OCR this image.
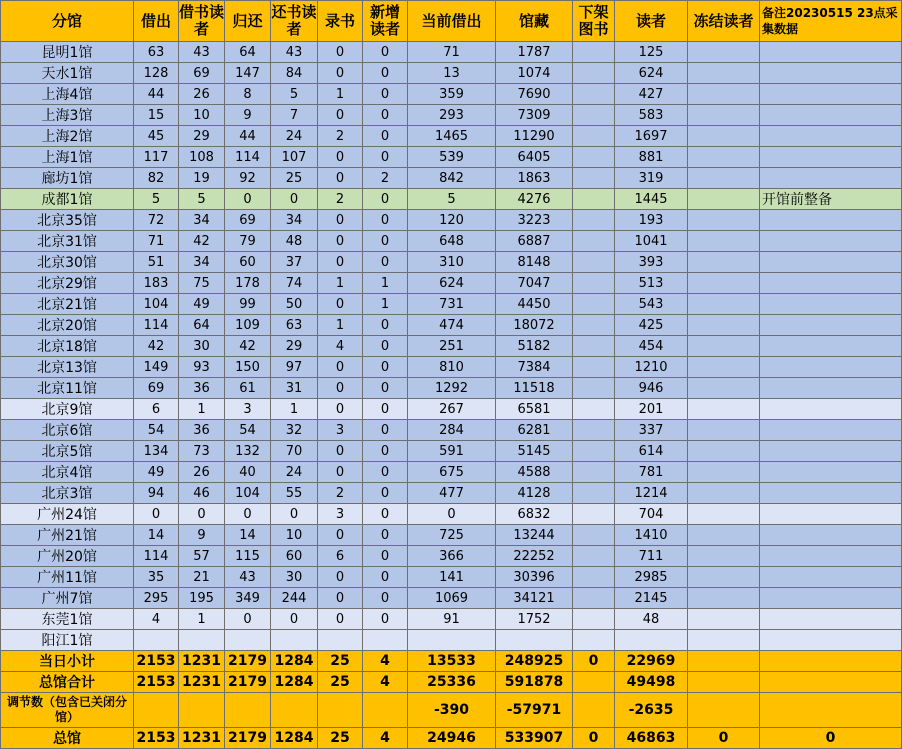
分馆	借出	借书读者	归还	还书读者	录书	新增读者	当前借出	馆藏	下架图书	读者	冻结读者	备注20230515 23点采集数据
昆明1馆	63	43	64	43	0	0	71	1787		125		
天水1馆	128	69	147	84	0	0	13	1074		624		
上海4馆	44	26	8	5	1	0	359	7690		427		
上海3馆	15	10	9	7	0	0	293	7309		583		
上海2馆	45	29	44	24	2	0	1465	11290		1697		
上海1馆	117	108	114	107	0	0	539	6405		881		
廊坊1馆	82	19	92	25	0	2	842	1863		319		
成都1馆	5	5	0	0	2	0	5	4276		1445		开馆前整备
北京35馆	72	34	69	34	0	0	120	3223		193		
北京31馆	71	42	79	48	0	0	648	6887		1041		
北京30馆	51	34	60	37	0	0	310	8148		393		
北京29馆	183	75	178	74	1	1	624	7047		513		
北京21馆	104	49	99	50	0	1	731	4450		543		
北京20馆	114	64	109	63	1	0	474	18072		425		
北京18馆	42	30	42	29	4	0	251	5182		454		
北京13馆	149	93	150	97	0	0	810	7384		1210		
北京11馆	69	36	61	31	0	0	1292	11518		946		
北京9馆	6	1	3	1	0	0	267	6581		201		
北京6馆	54	36	54	32	3	0	284	6281		337		
北京5馆	134	73	132	70	0	0	591	5145		614		
北京4馆	49	26	40	24	0	0	675	4588		781		
北京3馆	94	46	104	55	2	0	477	4128		1214		
广州24馆	0	0	0	0	3	0	0	6832		704		
广州21馆	14	9	14	10	0	0	725	13244		1410		
广州20馆	114	57	115	60	6	0	366	22252		711		
广州11馆	35	21	43	30	0	0	141	30396		2985		
广州7馆	295	195	349	244	0	0	1069	34121		2145		
东莞1馆	4	1	0	0	0	0	91	1752		48		
阳江1馆												
当日小计	2153	1231	2179	1284	25	4	13533	248925	0	22969		
总馆合计	2153	1231	2179	1284	25	4	25336	591878		49498		
调节数（包含已关闭分馆）							-390	-57971		-2635		
总馆	2153	1231	2179	1284	25	4	24946	533907	0	46863	0	0
